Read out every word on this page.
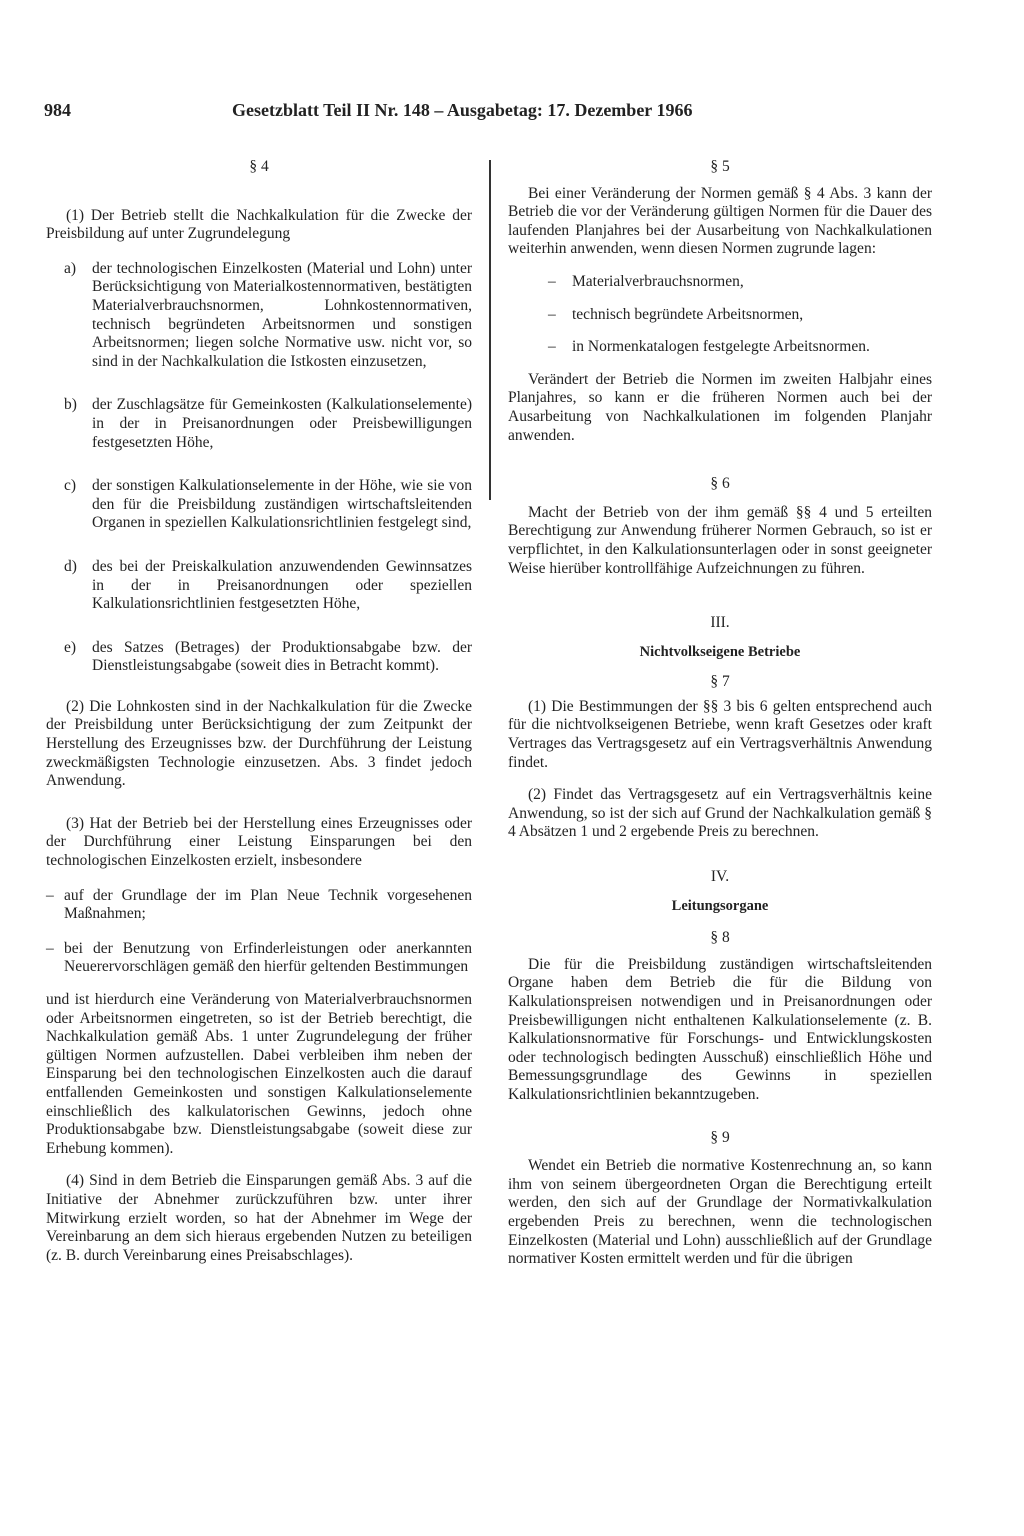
984	Gesetzblatt Teil II Nr. 148 – Ausgabetag: 17. Dezember 1966
§ 4

(1) Der Betrieb stellt die Nachkalkulation für die Zwecke der Preisbildung auf unter Zugrundelegung

a) der technologischen Einzelkosten (Material und Lohn) unter Berücksichtigung von Materialkostennormativen, bestätigten Materialverbrauchsnormen, Lohnkostennormativen, technisch begründeten Arbeitsnormen und sonstigen Arbeitsnormen; liegen solche Normative usw. nicht vor, so sind in der Nachkalkulation die Istkosten einzusetzen,
b) der Zuschlagsätze für Gemeinkosten (Kalkulationselemente) in der in Preisanordnungen oder Preisbewilligungen festgesetzten Höhe,
c) der sonstigen Kalkulationselemente in der Höhe, wie sie von den für die Preisbildung zuständigen wirtschaftsleitenden Organen in speziellen Kalkulationsrichtlinien festgelegt sind,
d) des bei der Preiskalkulation anzuwendenden Gewinnsatzes in der in Preisanordnungen oder speziellen Kalkulationsrichtlinien festgesetzten Höhe,
e) des Satzes (Betrages) der Produktionsabgabe bzw. der Dienstleistungsabgabe (soweit dies in Betracht kommt).

(2) Die Lohnkosten sind in der Nachkalkulation für die Zwecke der Preisbildung unter Berücksichtigung der zum Zeitpunkt der Herstellung des Erzeugnisses bzw. der Durchführung der Leistung zweckmäßigsten Technologie einzusetzen. Abs. 3 findet jedoch Anwendung.

(3) Hat der Betrieb bei der Herstellung eines Erzeugnisses oder der Durchführung einer Leistung Einsparungen bei den technologischen Einzelkosten erzielt, insbesondere

– auf der Grundlage der im Plan Neue Technik vorgesehenen Maßnahmen;
– bei der Benutzung von Erfinderleistungen oder anerkannten Neuerervorschlägen gemäß den hierfür geltenden Bestimmungen

und ist hierdurch eine Veränderung von Materialverbrauchsnormen oder Arbeitsnormen eingetreten, so ist der Betrieb berechtigt, die Nachkalkulation gemäß Abs. 1 unter Zugrundelegung der früher gültigen Normen aufzustellen. Dabei verbleiben ihm neben der Einsparung bei den technologischen Einzelkosten auch die darauf entfallenden Gemeinkosten und sonstigen Kalkulationselemente einschließlich des kalkulatorischen Gewinns, jedoch ohne Produktionsabgabe bzw. Dienstleistungsabgabe (soweit diese zur Erhebung kommen).

(4) Sind in dem Betrieb die Einsparungen gemäß Abs. 3 auf die Initiative der Abnehmer zurückzuführen bzw. unter ihrer Mitwirkung erzielt worden, so hat der Abnehmer im Wege der Vereinbarung an dem sich hieraus ergebenden Nutzen zu beteiligen (z. B. durch Vereinbarung eines Preisabschlages).

§ 5

Bei einer Veränderung der Normen gemäß § 4 Abs. 3 kann der Betrieb die vor der Veränderung gültigen Normen für die Dauer des laufenden Planjahres bei der Ausarbeitung von Nachkalkulationen weiterhin anwenden, wenn diesen Normen zugrunde lagen:

– Materialverbrauchsnormen,
– technisch begründete Arbeitsnormen,
– in Normenkatalogen festgelegte Arbeitsnormen.

Verändert der Betrieb die Normen im zweiten Halbjahr eines Planjahres, so kann er die früheren Normen auch bei der Ausarbeitung von Nachkalkulationen im folgenden Planjahr anwenden.

§ 6

Macht der Betrieb von der ihm gemäß §§ 4 und 5 erteilten Berechtigung zur Anwendung früherer Normen Gebrauch, so ist er verpflichtet, in den Kalkulationsunterlagen oder in sonst geeigneter Weise hierüber kontrollfähige Aufzeichnungen zu führen.

III.
Nichtvolkseigene Betriebe
§ 7

(1) Die Bestimmungen der §§ 3 bis 6 gelten entsprechend auch für die nichtvolkseigenen Betriebe, wenn kraft Gesetzes oder kraft Vertrages das Vertragsgesetz auf ein Vertragsverhältnis Anwendung findet.

(2) Findet das Vertragsgesetz auf ein Vertragsverhältnis keine Anwendung, so ist der sich auf Grund der Nachkalkulation gemäß § 4 Absätzen 1 und 2 ergebende Preis zu berechnen.

IV.
Leitungsorgane
§ 8

Die für die Preisbildung zuständigen wirtschaftsleitenden Organe haben dem Betrieb die für die Bildung von Kalkulationspreisen notwendigen und in Preisanordnungen oder Preisbewilligungen nicht enthaltenen Kalkulationselemente (z. B. Kalkulationsnormative für Forschungs- und Entwicklungskosten oder technologisch bedingten Ausschuß) einschließlich Höhe und Bemessungsgrundlage des Gewinns in speziellen Kalkulationsrichtlinien bekanntzugeben.

§ 9

Wendet ein Betrieb die normative Kostenrechnung an, so kann ihm von seinem übergeordneten Organ die Berechtigung erteilt werden, den sich auf der Grundlage der Normativkalkulation ergebenden Preis zu berechnen, wenn die technologischen Einzelkosten (Material und Lohn) ausschließlich auf der Grundlage normativer Kosten ermittelt werden und für die übrigen
